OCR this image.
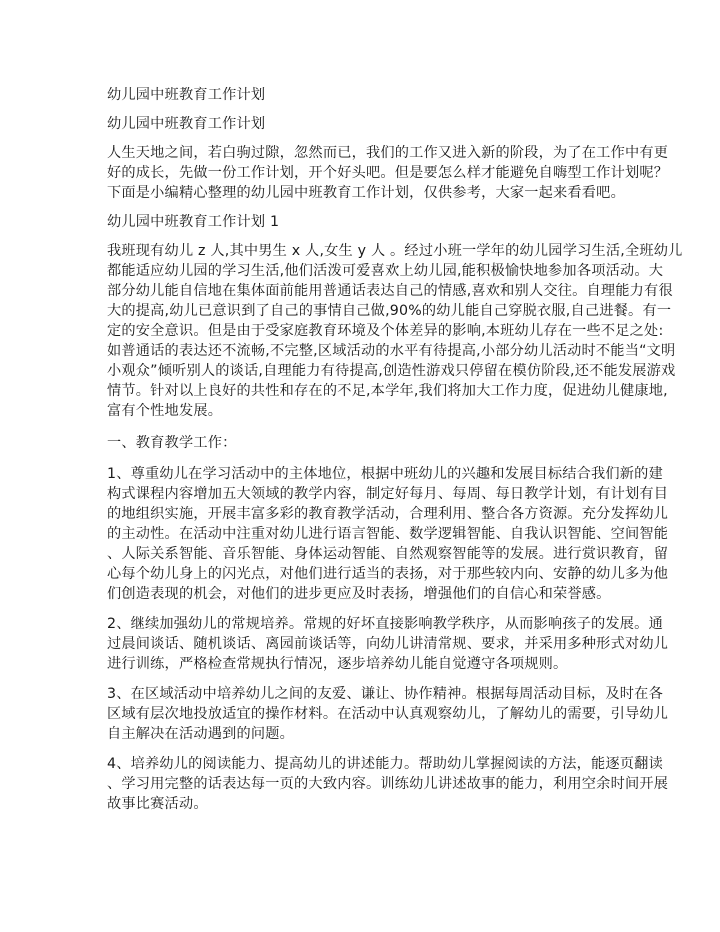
幼儿园中班教育工作计划
幼儿园中班教育工作计划
人生天地之间，若白驹过隙，忽然而已，我们的工作又进入新的阶段，为了在工作中有更
好的成长，先做一份工作计划，开个好头吧。但是要怎么样才能避免自嗨型工作计划呢？
下面是小编精心整理的幼儿园中班教育工作计划，仅供参考，大家一起来看看吧。
幼儿园中班教育工作计划 1
我班现有幼儿 z 人,其中男生 x 人,女生 y 人 。经过小班一学年的幼儿园学习生活,全班幼儿
都能适应幼儿园的学习生活,他们活泼可爱喜欢上幼儿园,能积极愉快地参加各项活动。大
部分幼儿能自信地在集体面前能用普通话表达自己的情感,喜欢和别人交往。自理能力有很
大的提高,幼儿已意识到了自己的事情自己做,90%的幼儿能自己穿脱衣服,自己进餐。有一
定的安全意识。但是由于受家庭教育环境及个体差异的影响,本班幼儿存在一些不足之处:
如普通话的表达还不流畅,不完整,区域活动的水平有待提高,小部分幼儿活动时不能当“文明
小观众”倾听别人的谈话,自理能力有待提高,创造性游戏只停留在模仿阶段,还不能发展游戏
情节。针对以上良好的共性和存在的不足,本学年,我们将加大工作力度，促进幼儿健康地,
富有个性地发展。
一、教育教学工作：
1、尊重幼儿在学习活动中的主体地位，根据中班幼儿的兴趣和发展目标结合我们新的建
构式课程内容增加五大领域的教学内容，制定好每月、每周、每日教学计划，有计划有目
的地组织实施，开展丰富多彩的教育教学活动，合理利用、整合各方资源。充分发挥幼儿
的主动性。在活动中注重对幼儿进行语言智能、数学逻辑智能、自我认识智能、空间智能
、人际关系智能、音乐智能、身体运动智能、自然观察智能等的发展。进行赏识教育，留
心每个幼儿身上的闪光点，对他们进行适当的表扬，对于那些较内向、安静的幼儿多为他
们创造表现的机会，对他们的进步更应及时表扬，增强他们的自信心和荣誉感。
2、继续加强幼儿的常规培养。常规的好坏直接影响教学秩序，从而影响孩子的发展。通
过晨间谈话、随机谈话、离园前谈话等，向幼儿讲清常规、要求，并采用多种形式对幼儿
进行训练，严格检查常规执行情况，逐步培养幼儿能自觉遵守各项规则。
3、在区域活动中培养幼儿之间的友爱、谦让、协作精神。根据每周活动目标，及时在各
区域有层次地投放适宜的操作材料。在活动中认真观察幼儿，了解幼儿的需要，引导幼儿
自主解决在活动遇到的问题。
4、培养幼儿的阅读能力、提高幼儿的讲述能力。帮助幼儿掌握阅读的方法，能逐页翻读
、学习用完整的话表达每一页的大致内容。训练幼儿讲述故事的能力，利用空余时间开展
故事比赛活动。
